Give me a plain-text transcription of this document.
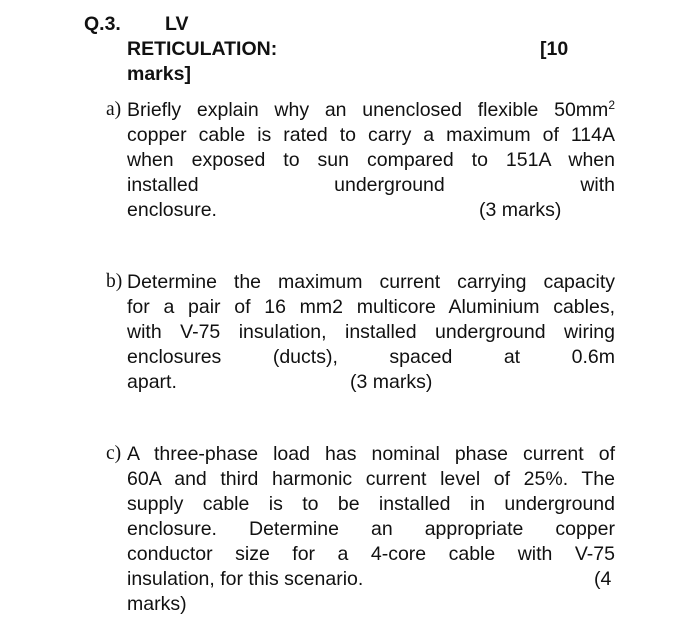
Q.3. LV
RETICULATION:	[10
marks]
a) Briefly explain why an unenclosed flexible $50mm^2$
copper cable is rated to carry a maximum of 114A
when exposed to sun compared to 151A when
installed underground with
enclosure.	(3 marks)
b) Determine the maximum current carrying capacity
for a pair of 16 mm2 multicore Aluminium cables,
with V-75 insulation, installed underground wiring
enclosures (ducts), spaced at 0.6m
apart.	(3 marks)
c) A three-phase load has nominal phase current of
60A and third harmonic current level of 25%. The
supply cable is to be installed in underground
enclosure. Determine an appropriate copper
conductor size for a 4-core cable with V-75
insulation, for this scenario.	(4
marks)
